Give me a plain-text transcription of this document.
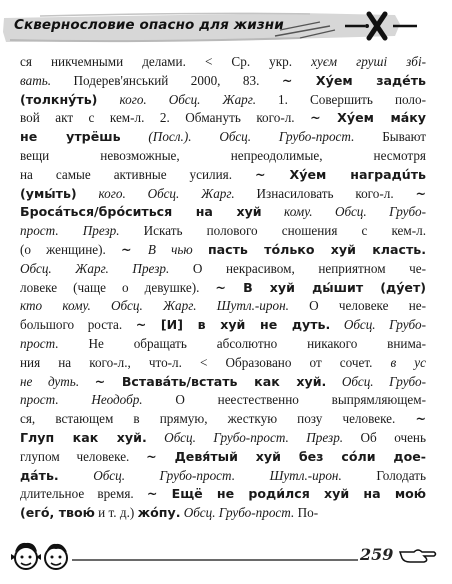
Сквернословие опасно для жизни
ся никчемными делами. < Ср. укр. хуєм груші збі-
вать. Подерев'янський 2000, 83. ~ Хýем задéть
(толкнýть) кого. Обсц. Жарг. 1. Совершить поло-
вой акт с кем-л. 2. Обмануть кого-л. ~ Хýем мáку
не утрёшь (Посл.). Обсц. Грубо-прост. Бывают
вещи невозможные, непреодолимые, несмотря
на самые активные усилия. ~ Хýем наградúть
(умы́ть) кого. Обсц. Жарг. Изнасиловать кого-л. ~
Бросáться/брóситься на хуй кому. Обсц. Грубо-
прост. Презр. Искать полового сношения с кем-л.
(о женщине). ~ В чью пасть тóлько хуй класть.
Обсц. Жарг. Презр. О некрасивом, неприятном че-
ловеке (чаще о девушке). ~ В хуй ды́шит (дýет)
кто кому. Обсц. Жарг. Шутл.-ирон. О человеке не-
большого роста. ~ [И] в хуй не дуть. Обсц. Грубо-
прост. Не обращать абсолютно никакого внима-
ния на кого-л., что-л. < Образовано от сочет. в ус
не дуть. ~ Вставáть/встать как хуй. Обсц. Грубо-
прост. Неодобр. О неестественно выпрямляющем-
ся, встающем в прямую, жесткую позу человеке. ~
Глуп как хуй. Обсц. Грубо-прост. Презр. Об очень
глупом человеке. ~ Девя́тый хуй без сóли дое-
дáть. Обсц. Грубо-прост. Шутл.-ирон. Голодать
длительное время. ~ Ещё не роди́лся хуй на мою́
(егó, твою́ и т. д.) жóпу. Обсц. Грубо-прост. По-
259
